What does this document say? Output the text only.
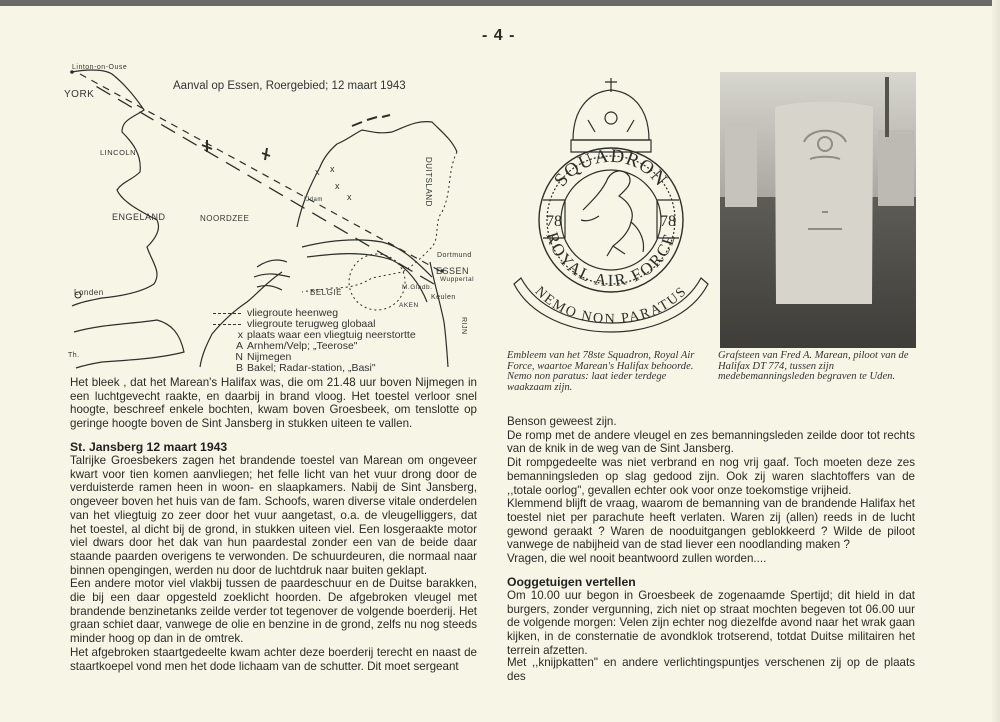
- 4 -
x x
x
x
Linton-on-Ouse
YORK
LINCOLN
ENGELAND	NOORDZEE
Londen
DUITSLAND
BELGIË
Dortmund
ESSEN
Wuppertal
M.Gladb.
Keulen
AKEN
RIJN
IJdam
Th.
Aanval op Essen, Roergebied; 12 maart 1943
vliegroute heenweg
vliegroute terugweg globaal
x plaats waar een vliegtuig neerstortte
A Arnhem/Velp; „Teerose"
N Nijmegen
B Bakel; Radar-station, „Basi"
SQUADRON
ROYAL AIR FORCE
NEMO NON PARATUS
78	78
Embleem van het 78ste Squadron, Royal Air Force, waartoe Marean's Halifax behoorde. Nemo non paratus: laat ieder terdege waakzaam zijn.
Grafsteen van Fred A. Marean, piloot van de Halifax DT 774, tussen zijn medebemanningsleden begraven te Uden.

Het bleek , dat het Marean's Halifax was, die om 21.48 uur boven Nijmegen in een luchtgevecht raakte, en daarbij in brand vloog. Het toestel verloor snel hoogte, beschreef enkele bochten, kwam boven Groesbeek, om tenslotte op geringe hoogte boven de Sint Jansberg in stukken uiteen te vallen.

St. Jansberg 12 maart 1943

Talrijke Groesbekers zagen het brandende toestel van Marean om ongeveer kwart voor tien komen aanvliegen; het felle licht van het vuur drong door de verduisterde ramen heen in woon- en slaapkamers. Nabij de Sint Jansberg, ongeveer boven het huis van de fam. Schoofs, waren diverse vitale onderdelen van het vliegtuig zo zeer door het vuur aangetast, o.a. de vleugelliggers, dat het toestel, al dicht bij de grond, in stukken uiteen viel. Een losgeraakte motor viel dwars door het dak van hun paardestal zonder een van de beide daar staande paarden overigens te verwonden. De schuurdeuren, die normaal naar binnen opengingen, werden nu door de luchtdruk naar buiten geklapt.

Een andere motor viel vlakbij tussen de paardeschuur en de Duitse barakken, die bij een daar opgesteld zoeklicht hoorden. De afgebroken vleugel met brandende benzinetanks zeilde verder tot tegenover de volgende boerderij. Het graan schiet daar, vanwege de olie en benzine in de grond, zelfs nu nog steeds minder hoog op dan in de omtrek.

Het afgebroken staartgedeelte kwam achter deze boerderij terecht en naast de staartkoepel vond men het dode lichaam van de schutter. Dit moet sergeant

Benson geweest zijn.

De romp met de andere vleugel en zes bemanningsleden zeilde door tot rechts van de knik in de weg van de Sint Jansberg.

Dit rompgedeelte was niet verbrand en nog vrij gaaf. Toch moeten deze zes bemanningsleden op slag gedood zijn. Ook zij waren slachtoffers van de ,,totale oorlog", gevallen echter ook voor onze toekomstige vrijheid.

Klemmend blijft de vraag, waarom de bemanning van de brandende Halifax het toestel niet per parachute heeft verlaten. Waren zij (allen) reeds in de lucht gewond geraakt ? Waren de nooduitgangen geblokkeerd ? Wilde de piloot vanwege de nabijheid van de stad liever een noodlanding maken ?

Vragen, die wel nooit beantwoord zullen worden....

Ooggetuigen vertellen

Om 10.00 uur begon in Groesbeek de zogenaamde Spertijd; dit hield in dat burgers, zonder vergunning, zich niet op straat mochten begeven tot 06.00 uur de volgende morgen: Velen zijn echter nog diezelfde avond naar het wrak gaan kijken, in de consternatie de avondklok trotserend, totdat Duitse militairen het terrein afzetten.

Met ,,knijpkatten" en andere verlichtingspuntjes verschenen zij op de plaats des
